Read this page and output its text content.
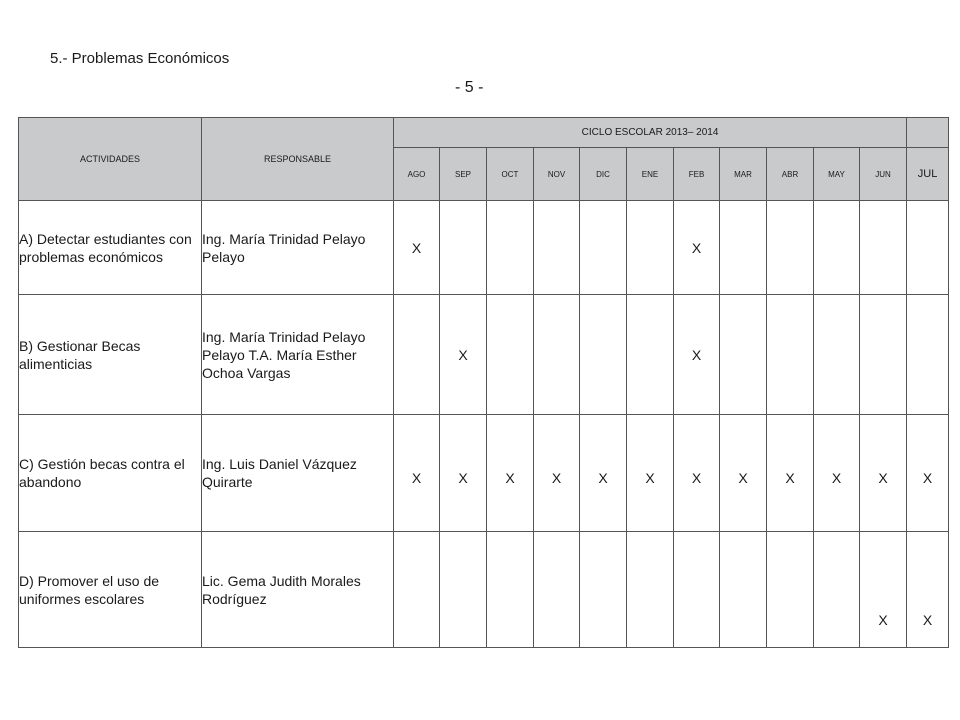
5.- Problemas Económicos
- 5 -
ACTIVIDADES	RESPONSABLE	CICLO ESCOLAR 2013– 2014											
		AGO	SEP	OCT	NOV	DIC	ENE	FEB	MAR	ABR	MAY	JUN	JUL
A) Detectar estudiantes con problemas económicos	Ing. María Trinidad Pelayo Pelayo	X						X					
B) Gestionar Becas alimenticias	Ing. María Trinidad Pelayo Pelayo T.A. María Esther Ochoa Vargas		X					X					
C) Gestión becas contra el abandono	Ing. Luis Daniel Vázquez Quirarte	X	X	X	X	X	X	X	X	X	X	X	X
D) Promover el uso de uniformes escolares	Lic. Gema Judith Morales Rodríguez											X	X
